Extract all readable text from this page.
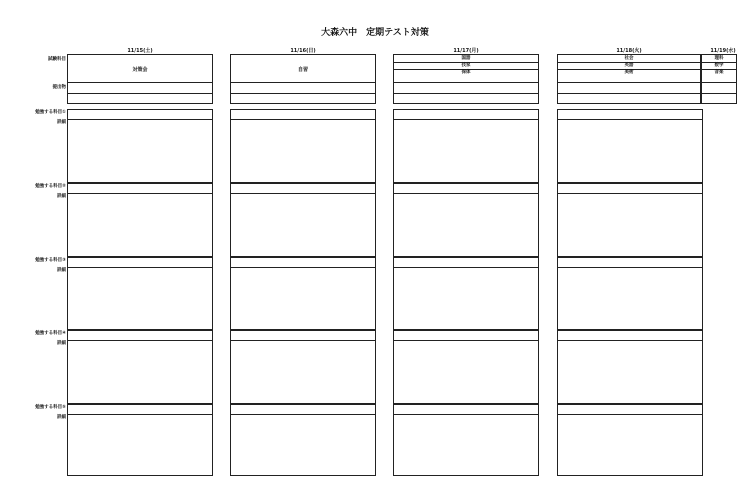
大森六中　定期テスト対策
試験科目
提出物
勉強する科目①
詳細
勉強する科目②
詳細
勉強する科目③
詳細
勉強する科目④
詳細
勉強する科目⑤
詳細
11/15(土)
対策会
11/16(日)
自習
11/17(月)
国語
技家
保体
11/18(火)
社会
英語
美術
11/19(水)
理科
数学
音楽
